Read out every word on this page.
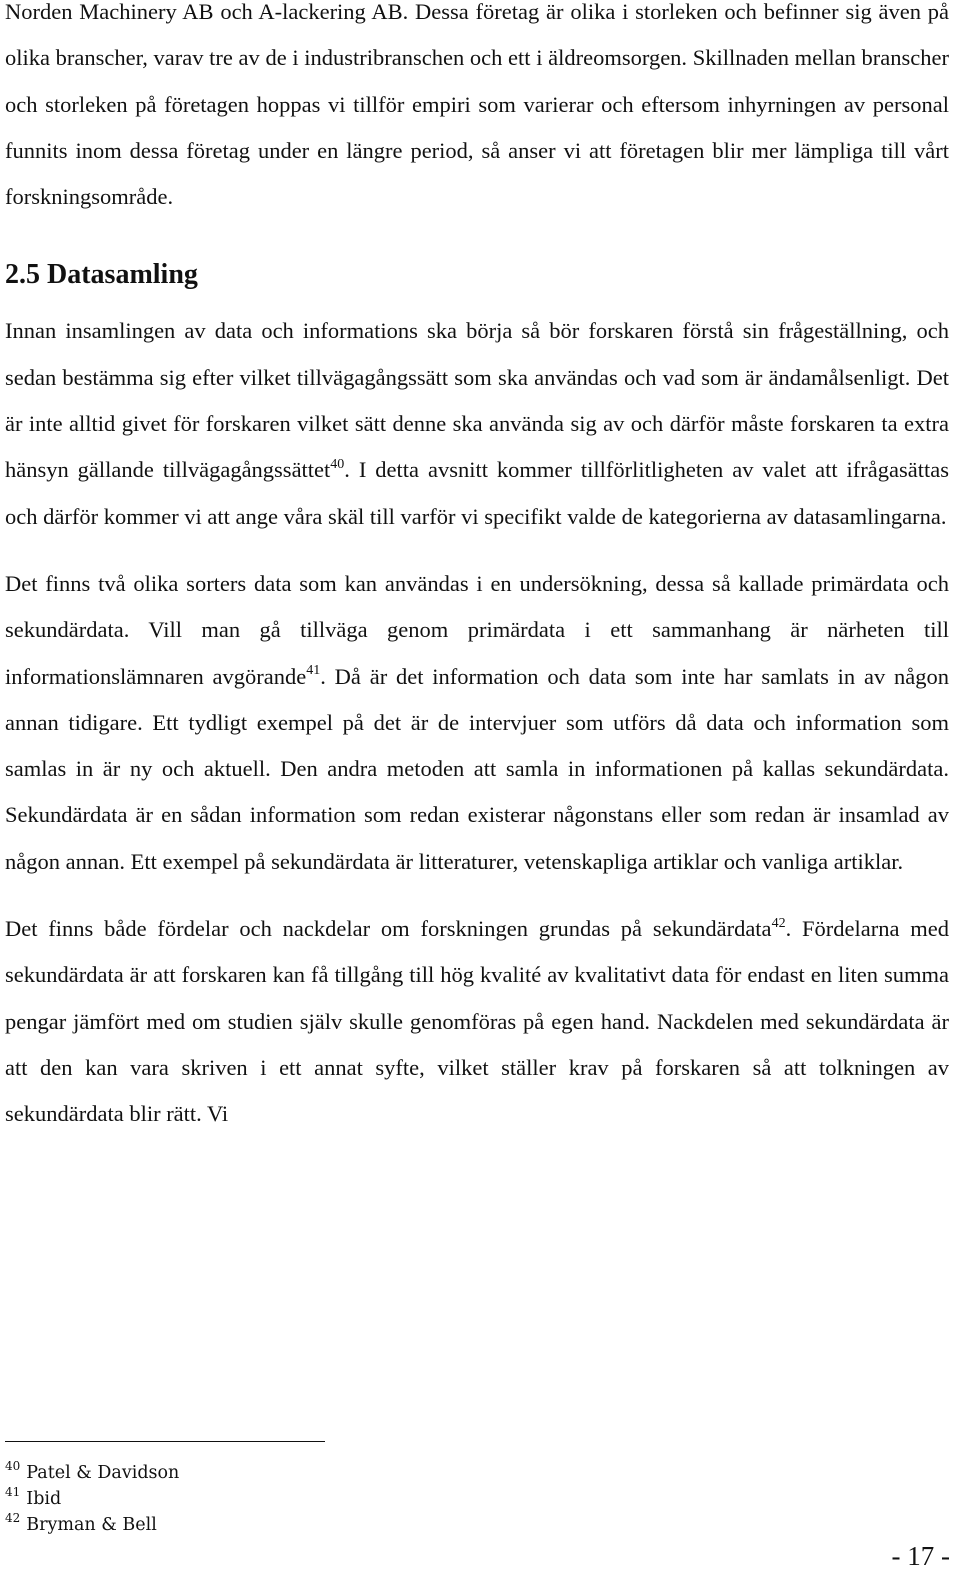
Norden Machinery AB och A-lackering AB. Dessa företag är olika i storleken och befinner sig även på olika branscher, varav tre av de i industribranschen och ett i äldreomsorgen. Skillnaden mellan branscher och storleken på företagen hoppas vi tillför empiri som varierar och eftersom inhyrningen av personal funnits inom dessa företag under en längre period, så anser vi att företagen blir mer lämpliga till vårt forskningsområde.

2.5 Datasamling

Innan insamlingen av data och informations ska börja så bör forskaren förstå sin frågeställning, och sedan bestämma sig efter vilket tillvägagångssätt som ska användas och vad som är ändamålsenligt. Det är inte alltid givet för forskaren vilket sätt denne ska använda sig av och därför måste forskaren ta extra hänsyn gällande tillvägagångssättet$^{40}$. I detta avsnitt kommer tillförlitligheten av valet att ifrågasättas och därför kommer vi att ange våra skäl till varför vi specifikt valde de kategorierna av datasamlingarna.

Det finns två olika sorters data som kan användas i en undersökning, dessa så kallade primärdata och sekundärdata. Vill man gå tillväga genom primärdata i ett sammanhang är närheten till informationslämnaren avgörande$^{41}$. Då är det information och data som inte har samlats in av någon annan tidigare. Ett tydligt exempel på det är de intervjuer som utförs då data och information som samlas in är ny och aktuell. Den andra metoden att samla in informationen på kallas sekundärdata. Sekundärdata är en sådan information som redan existerar någonstans eller som redan är insamlad av någon annan. Ett exempel på sekundärdata är litteraturer, vetenskapliga artiklar och vanliga artiklar.

Det finns både fördelar och nackdelar om forskningen grundas på sekundärdata$^{42}$. Fördelarna med sekundärdata är att forskaren kan få tillgång till hög kvalité av kvalitativt data för endast en liten summa pengar jämfört med om studien själv skulle genomföras på egen hand. Nackdelen med sekundärdata är att den kan vara skriven i ett annat syfte, vilket ställer krav på forskaren så att tolkningen av sekundärdata blir rätt. Vi

$^{40}$ Patel & Davidson
$^{41}$ Ibid
$^{42}$ Bryman & Bell
- 17 -
